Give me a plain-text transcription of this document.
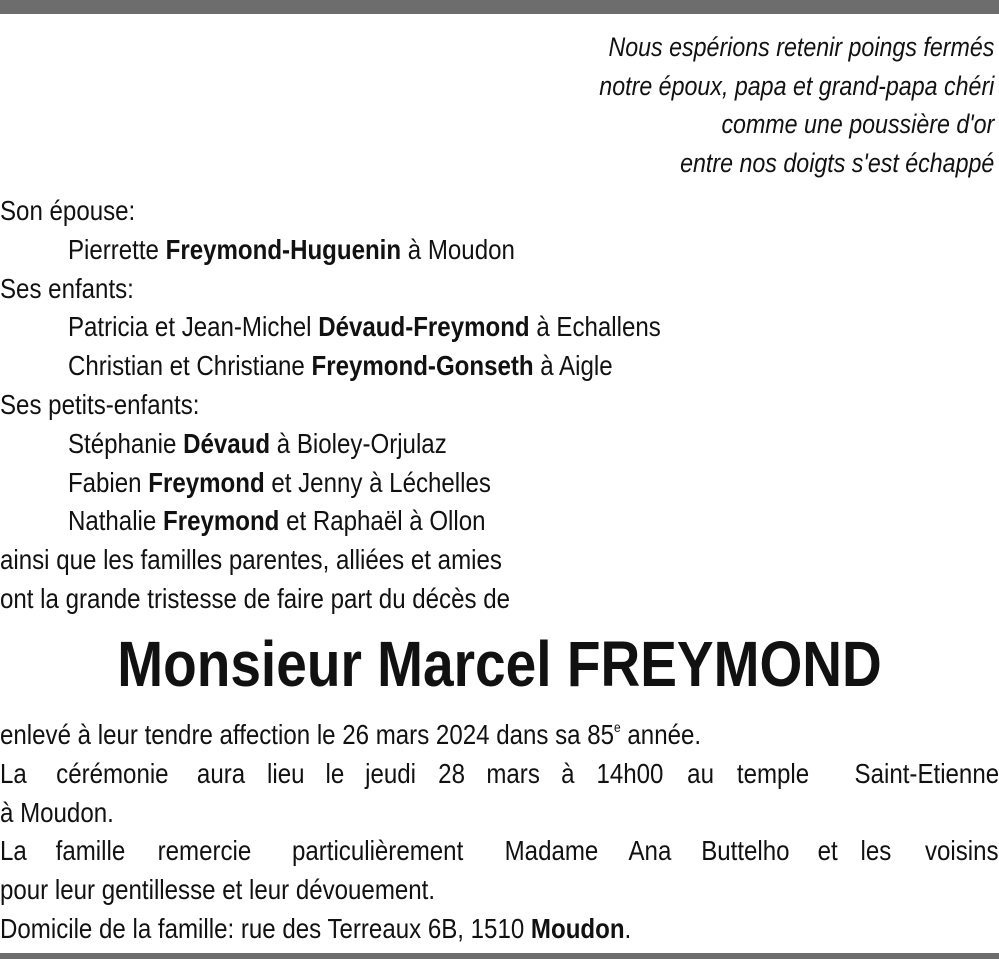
Nous espérions retenir poings fermés
notre époux, papa et grand-papa chéri
comme une poussière d'or
entre nos doigts s'est échappé
Son épouse:
Pierrette Freymond-Huguenin à Moudon
Ses enfants:
Patricia et Jean-Michel Dévaud-Freymond à Echallens
Christian et Christiane Freymond-Gonseth à Aigle
Ses petits-enfants:
Stéphanie Dévaud à Bioley-Orjulaz
Fabien Freymond et Jenny à Léchelles
Nathalie Freymond et Raphaël à Ollon
ainsi que les familles parentes, alliées et amies
ont la grande tristesse de faire part du décès de
Monsieur Marcel FREYMOND
enlevé à leur tendre affection le 26 mars 2024 dans sa 85e année.
La cérémonie aura lieu le jeudi 28 mars à 14h00 au temple Saint-Etienne
à Moudon.
La famille remercie particulièrement Madame Ana Buttelho et les voisins
pour leur gentillesse et leur dévouement.
Domicile de la famille: rue des Terreaux 6B, 1510 Moudon.
